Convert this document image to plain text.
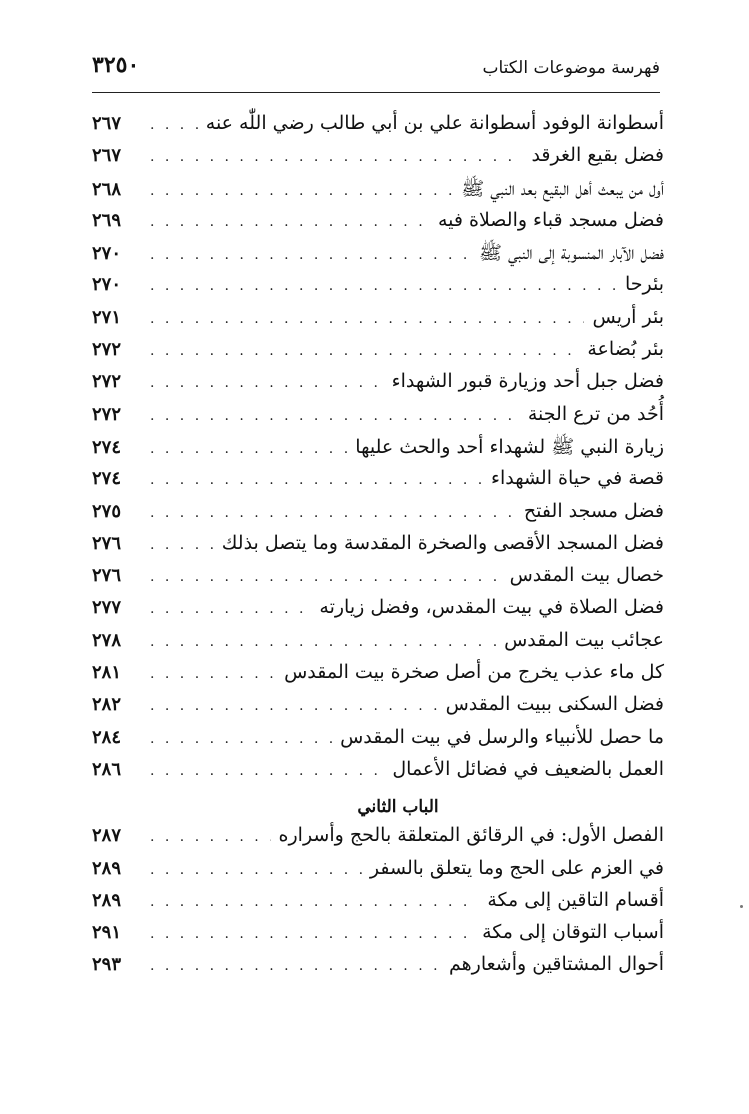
فهرسة موضوعات الكتاب
٣٢٥٠
أسطوانة الوفود أسطوانة علي بن أبي طالب رضي اللّٰه عنه
. . .
٢٦٧
فضل بقيع الغرقد
. . .
٢٦٧
أول من يبعث أهل البقيع بعد النبي ﷺ
. . .
٢٦٨
فضل مسجد قباء والصلاة فيه
. . .
٢٦٩
فضل الآبار المنسوبة إلى النبي ﷺ
. . .
٢٧٠
بئرحا
. . .
٢٧٠
بئر أريس
. . .
٢٧١
بئر بُضاعة
. . .
٢٧٢
فضل جبل أحد وزيارة قبور الشهداء
. . .
٢٧٢
أُحُد من ترع الجنة
. . .
٢٧٢
زيارة النبي ﷺ لشهداء أحد والحث عليها
. . .
٢٧٤
قصة في حياة الشهداء
. . .
٢٧٤
فضل مسجد الفتح
. . .
٢٧٥
فضل المسجد الأقصى والصخرة المقدسة وما يتصل بذلك
. . .
٢٧٦
خصال بيت المقدس
. . .
٢٧٦
فضل الصلاة في بيت المقدس، وفضل زيارته
. . .
٢٧٧
عجائب بيت المقدس
. . .
٢٧٨
كل ماء عذب يخرج من أصل صخرة بيت المقدس
. . .
٢٨١
فضل السكنى ببيت المقدس
. . .
٢٨٢
ما حصل للأنبياء والرسل في بيت المقدس
. . .
٢٨٤
العمل بالضعيف في فضائل الأعمال
. . .
٢٨٦
الباب الثاني
الفصل الأول: في الرقائق المتعلقة بالحج وأسراره
. . .
٢٨٧
في العزم على الحج وما يتعلق بالسفر
. . .
٢٨٩
أقسام التاقين إلى مكة
. . .
٢٨٩
أسباب التوقان إلى مكة
. . .
٢٩١
أحوال المشتاقين وأشعارهم
. . .
٢٩٣
